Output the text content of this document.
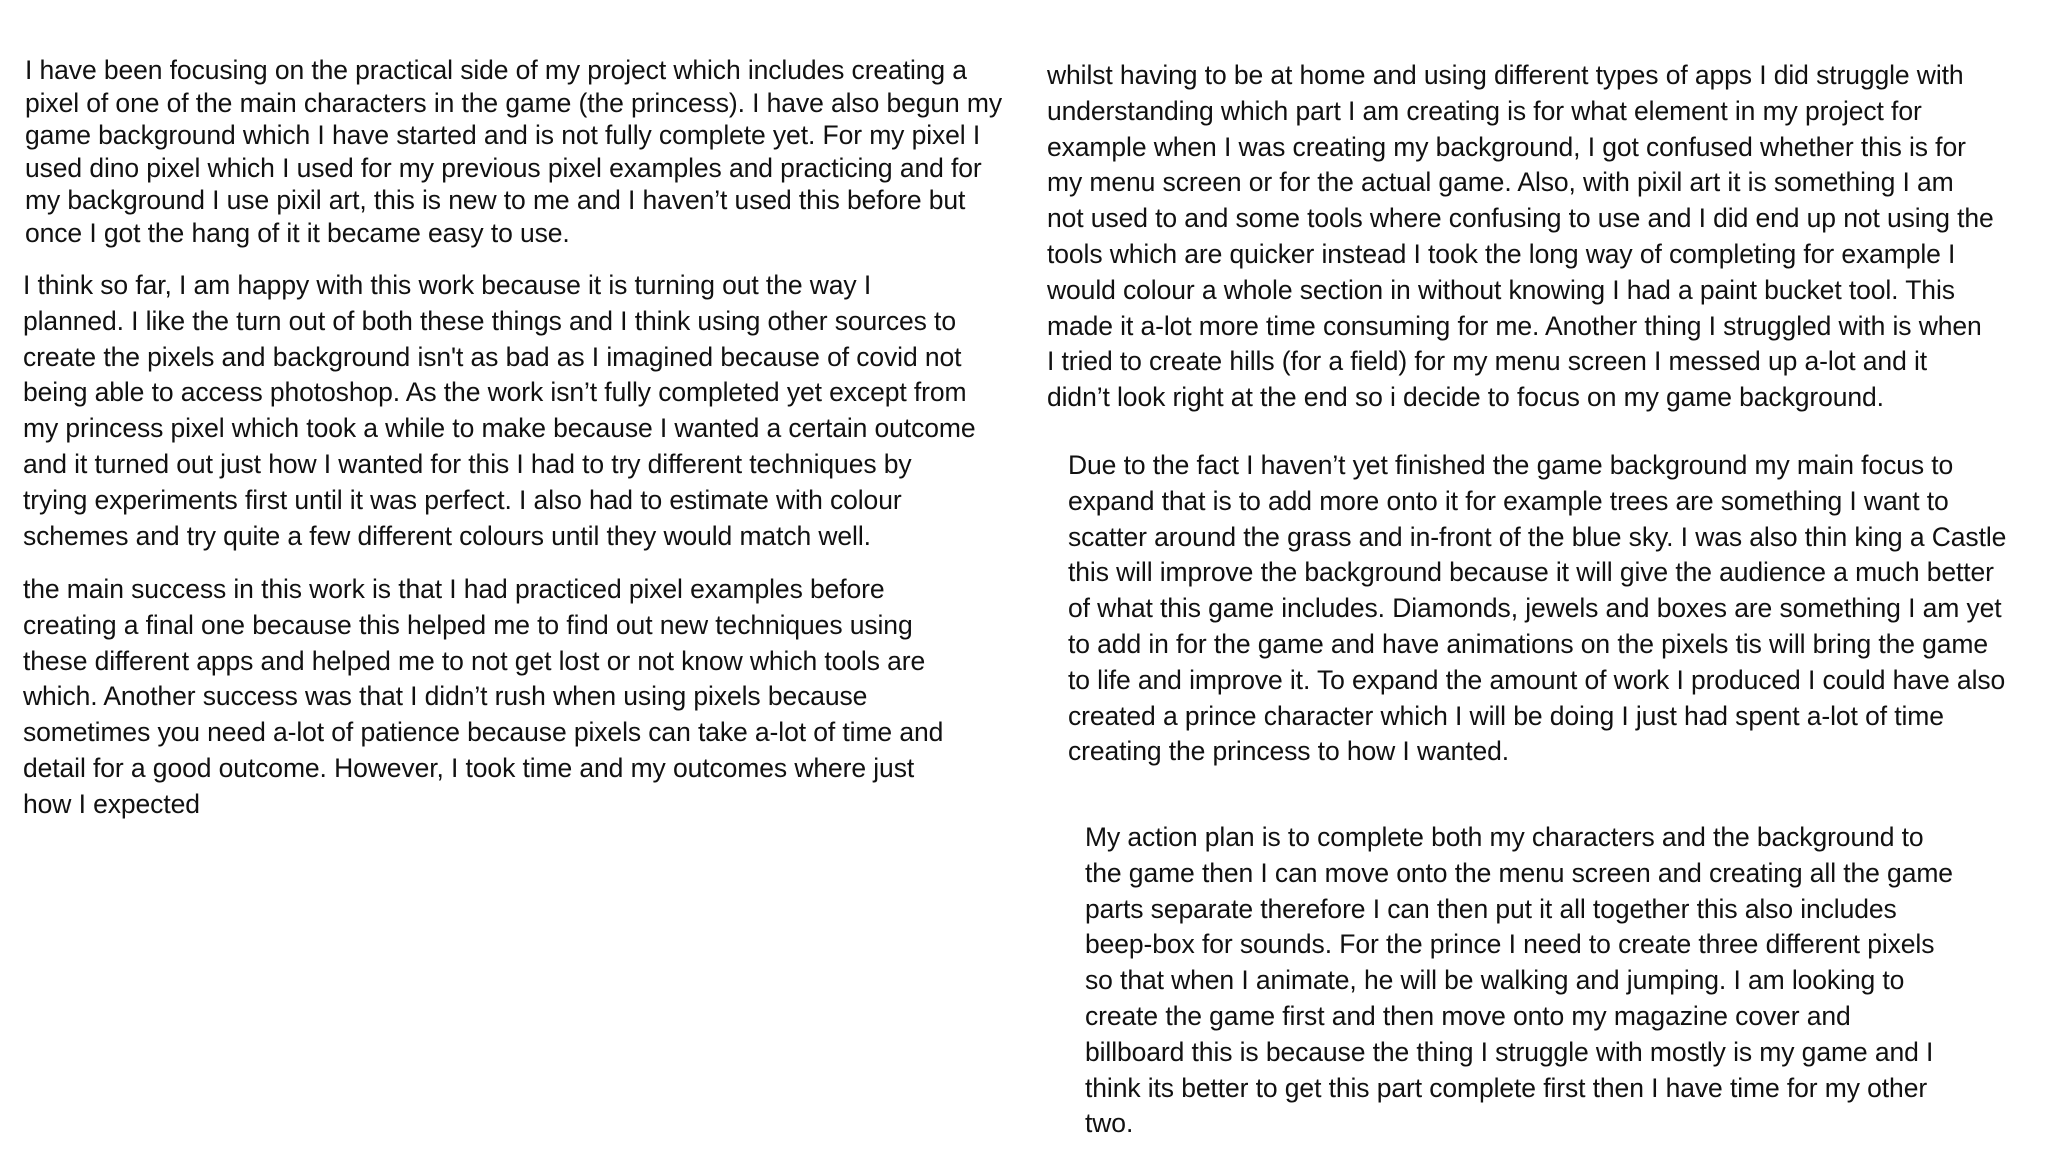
I have been focusing on the practical side of my project which includes creating a
pixel of one of the main characters in the game (the princess). I have also begun my
game background which I have started and is not fully complete yet. For my pixel I
used dino pixel which I used for my previous pixel examples and practicing and for
my background I use pixil art, this is new to me and I haven’t used this before but
once I got the hang of it it became easy to use.

I think so far, I am happy with this work because it is turning out the way I
planned. I like the turn out of both these things and I think using other sources to
create the pixels and background isn't as bad as I imagined because of covid not
being able to access photoshop. As the work isn’t fully completed yet except from
my princess pixel which took a while to make because I wanted a certain outcome
and it turned out just how I wanted for this I had to try different techniques by
trying experiments first until it was perfect. I also had to estimate with colour
schemes and try quite a few different colours until they would match well.

the main success in this work is that I had practiced pixel examples before
creating a final one because this helped me to find out new techniques using
these different apps and helped me to not get lost or not know which tools are
which. Another success was that I didn’t rush when using pixels because
sometimes you need a-lot of patience because pixels can take a-lot of time and
detail for a good outcome. However, I took time and my outcomes where just
how I expected

whilst having to be at home and using different types of apps I did struggle with
understanding which part I am creating is for what element in my project for
example when I was creating my background, I got confused whether this is for
my menu screen or for the actual game. Also, with pixil art it is something I am
not used to and some tools where confusing to use and I did end up not using the
tools which are quicker instead I took the long way of completing for example I
would colour a whole section in without knowing I had a paint bucket tool. This
made it a-lot more time consuming for me. Another thing I struggled with is when
I tried to create hills (for a field) for my menu screen I messed up a-lot and it
didn’t look right at the end so i decide to focus on my game background.

Due to the fact I haven’t yet finished the game background my main focus to
expand that is to add more onto it for example trees are something I want to
scatter around the grass and in-front of the blue sky. I was also thin king a Castle
this will improve the background because it will give the audience a much better
of what this game includes. Diamonds, jewels and boxes are something I am yet
to add in for the game and have animations on the pixels tis will bring the game
to life and improve it. To expand the amount of work I produced I could have also
created a prince character which I will be doing I just had spent a-lot of time
creating the princess to how I wanted.

My action plan is to complete both my characters and the background to
the game then I can move onto the menu screen and creating all the game
parts separate therefore I can then put it all together this also includes
beep-box for sounds. For the prince I need to create three different pixels
so that when I animate, he will be walking and jumping. I am looking to
create the game first and then move onto my magazine cover and
billboard this is because the thing I struggle with mostly is my game and I
think its better to get this part complete first then I have time for my other
two.
